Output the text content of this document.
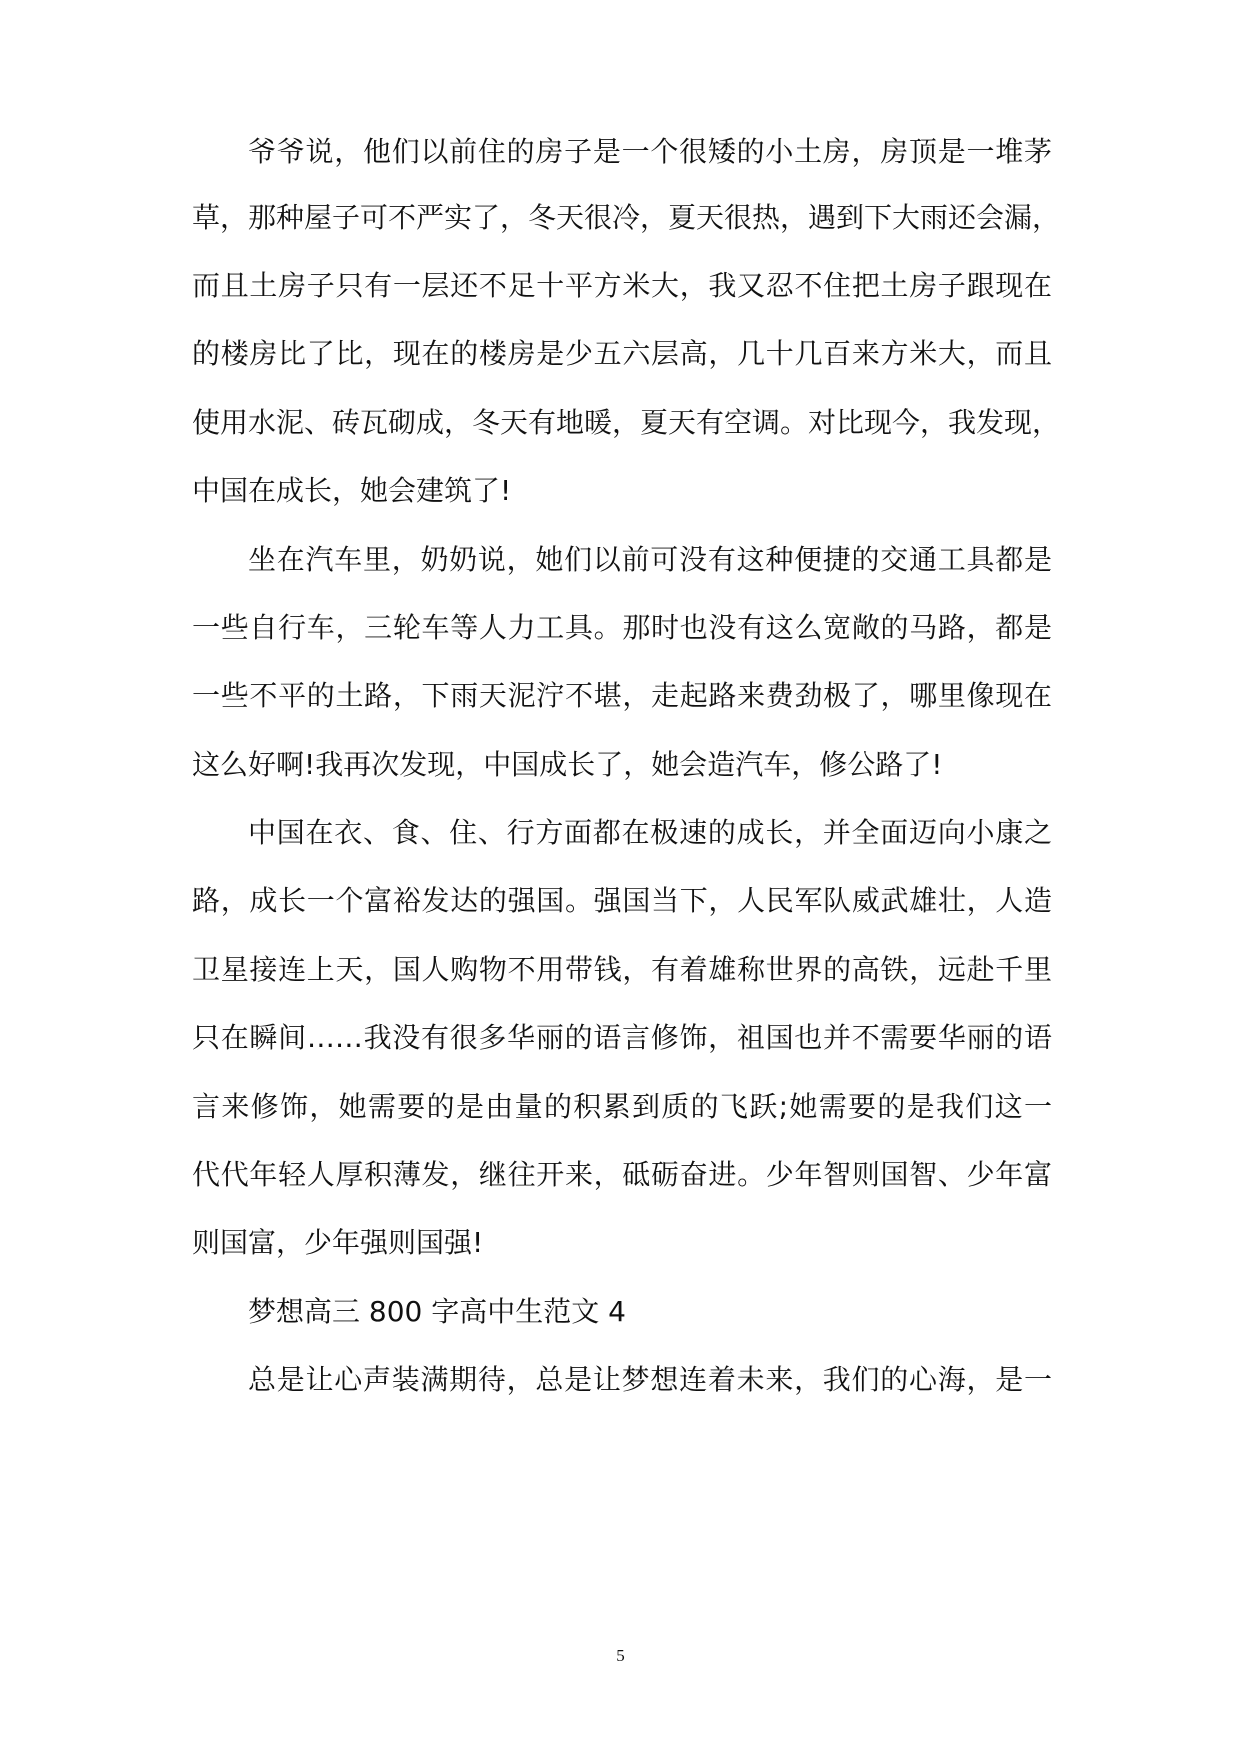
爷爷说，他们以前住的房子是一个很矮的小土房，房顶是一堆茅
草，那种屋子可不严实了，冬天很冷，夏天很热，遇到下大雨还会漏，
而且土房子只有一层还不足十平方米大，我又忍不住把土房子跟现在
的楼房比了比，现在的楼房是少五六层高，几十几百来方米大，而且
使用水泥、砖瓦砌成，冬天有地暖，夏天有空调。对比现今，我发现，
中国在成长，她会建筑了!
坐在汽车里，奶奶说，她们以前可没有这种便捷的交通工具都是
一些自行车，三轮车等人力工具。那时也没有这么宽敞的马路，都是
一些不平的土路，下雨天泥泞不堪，走起路来费劲极了，哪里像现在
这么好啊!我再次发现，中国成长了，她会造汽车，修公路了!
中国在衣、食、住、行方面都在极速的成长，并全面迈向小康之
路，成长一个富裕发达的强国。强国当下，人民军队威武雄壮，人造
卫星接连上天，国人购物不用带钱，有着雄称世界的高铁，远赴千里
只在瞬间……我没有很多华丽的语言修饰，祖国也并不需要华丽的语
言来修饰，她需要的是由量的积累到质的飞跃;她需要的是我们这一
代代年轻人厚积薄发，继往开来，砥砺奋进。少年智则国智、少年富
则国富，少年强则国强!
梦想高三 800 字高中生范文 4
总是让心声装满期待，总是让梦想连着未来，我们的心海，是一
5
